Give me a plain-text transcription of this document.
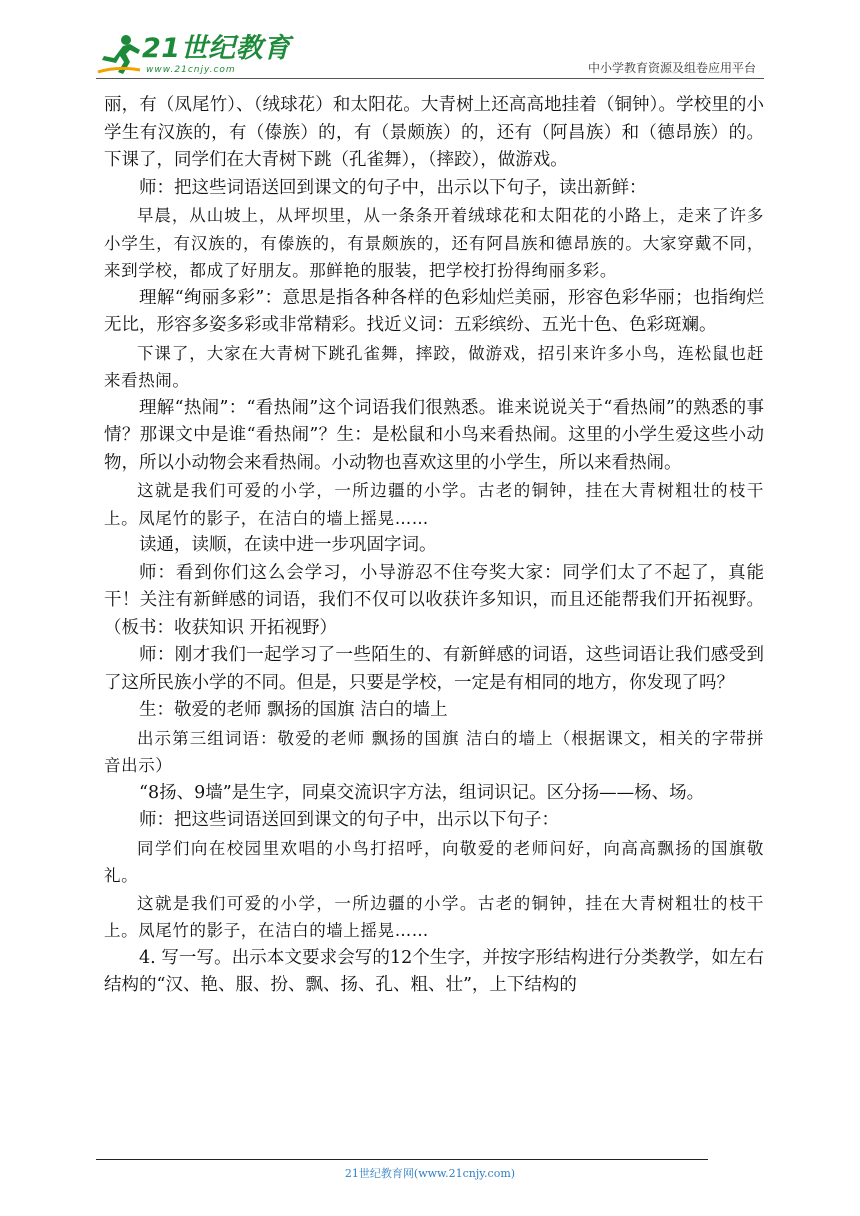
21世纪教育
www.21cnjy.com	中小学教育资源及组卷应用平台

丽，有（凤尾竹）、（绒球花）和太阳花。大青树上还高高地挂着（铜钟）。学校里的小学生有汉族的，有（傣族）的，有（景颇族）的，还有（阿昌族）和（德昂族）的。下课了，同学们在大青树下跳（孔雀舞），（摔跤），做游戏。

师：把这些词语送回到课文的句子中，出示以下句子，读出新鲜：

早晨，从山坡上，从坪坝里，从一条条开着绒球花和太阳花的小路上，走来了许多小学生，有汉族的，有傣族的，有景颇族的，还有阿昌族和德昂族的。大家穿戴不同，来到学校，都成了好朋友。那鲜艳的服装，把学校打扮得绚丽多彩。

理解“绚丽多彩”：意思是指各种各样的色彩灿烂美丽，形容色彩华丽；也指绚烂无比，形容多姿多彩或非常精彩。找近义词：五彩缤纷、五光十色、色彩斑斓。

下课了，大家在大青树下跳孔雀舞，摔跤，做游戏，招引来许多小鸟，连松鼠也赶来看热闹。

理解“热闹”：“看热闹”这个词语我们很熟悉。谁来说说关于“看热闹”的熟悉的事情？那课文中是谁“看热闹”？生：是松鼠和小鸟来看热闹。这里的小学生爱这些小动物，所以小动物会来看热闹。小动物也喜欢这里的小学生，所以来看热闹。

这就是我们可爱的小学，一所边疆的小学。古老的铜钟，挂在大青树粗壮的枝干上。凤尾竹的影子，在洁白的墙上摇晃……

读通，读顺，在读中进一步巩固字词。

师：看到你们这么会学习，小导游忍不住夸奖大家：同学们太了不起了，真能干！关注有新鲜感的词语，我们不仅可以收获许多知识，而且还能帮我们开拓视野。（板书：收获知识 开拓视野）

师：刚才我们一起学习了一些陌生的、有新鲜感的词语，这些词语让我们感受到了这所民族小学的不同。但是，只要是学校，一定是有相同的地方，你发现了吗？

生：敬爱的老师 飘扬的国旗 洁白的墙上

出示第三组词语：敬爱的老师 飘扬的国旗 洁白的墙上（根据课文，相关的字带拼音出示）

“8扬、9墙”是生字，同桌交流识字方法，组词识记。区分扬——杨、场。

师：把这些词语送回到课文的句子中，出示以下句子：

同学们向在校园里欢唱的小鸟打招呼，向敬爱的老师问好，向高高飘扬的国旗敬礼。

这就是我们可爱的小学，一所边疆的小学。古老的铜钟，挂在大青树粗壮的枝干上。凤尾竹的影子，在洁白的墙上摇晃……

4. 写一写。出示本文要求会写的12个生字，并按字形结构进行分类教学，如左右结构的“汉、艳、服、扮、飘、扬、孔、粗、壮”，上下结构的

21世纪教育网(www.21cnjy.com)
